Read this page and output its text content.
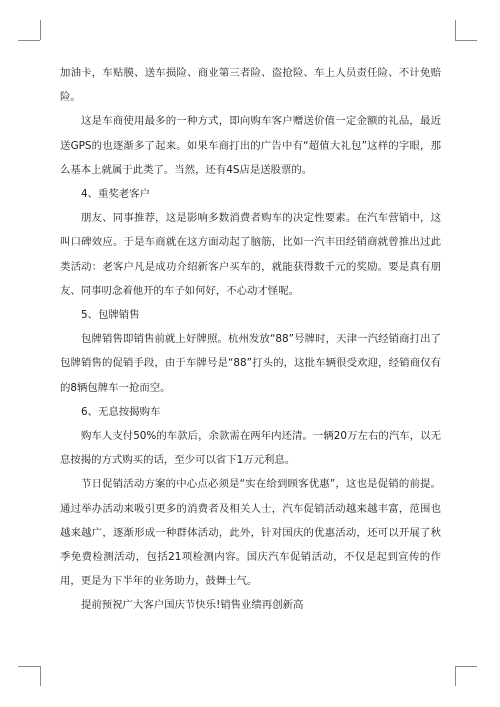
加油卡，车贴膜、送车损险、商业第三者险、盗抢险、车上人员责任险、不计免赔险。

这是车商使用最多的一种方式，即向购车客户赠送价值一定金额的礼品，最近送GPS的也逐渐多了起来。如果车商打出的广告中有“超值大礼包”这样的字眼，那么基本上就属于此类了。当然，还有4S店是送股票的。

4、重奖老客户

朋友、同事推荐，这是影响多数消费者购车的决定性要素。在汽车营销中，这叫口碑效应。于是车商就在这方面动起了脑筋，比如一汽丰田经销商就曾推出过此类活动：老客户凡是成功介绍新客户买车的，就能获得数千元的奖励。要是真有朋友、同事叨念着他开的车子如何好，不心动才怪呢。

5、包牌销售

包牌销售即销售前就上好牌照。杭州发放“88”号牌时，天津一汽经销商打出了包牌销售的促销手段，由于车牌号是“88”打头的，这批车辆很受欢迎，经销商仅有的8辆包牌车一抢而空。

6、无息按揭购车

购车人支付50%的车款后，余款需在两年内还清。一辆20万左右的汽车，以无息按揭的方式购买的话，至少可以省下1万元利息。

节日促销活动方案的中心点必须是“实在给到顾客优惠”，这也是促销的前提。通过举办活动来吸引更多的消费者及相关人士，汽车促销活动越来越丰富，范围也越来越广，逐渐形成一种群体活动，此外，针对国庆的优惠活动，还可以开展了秋季免费检测活动，包括21项检测内容。国庆汽车促销活动，不仅是起到宣传的作用，更是为下半年的业务助力，鼓舞士气。

提前预祝广大客户国庆节快乐!销售业绩再创新高
